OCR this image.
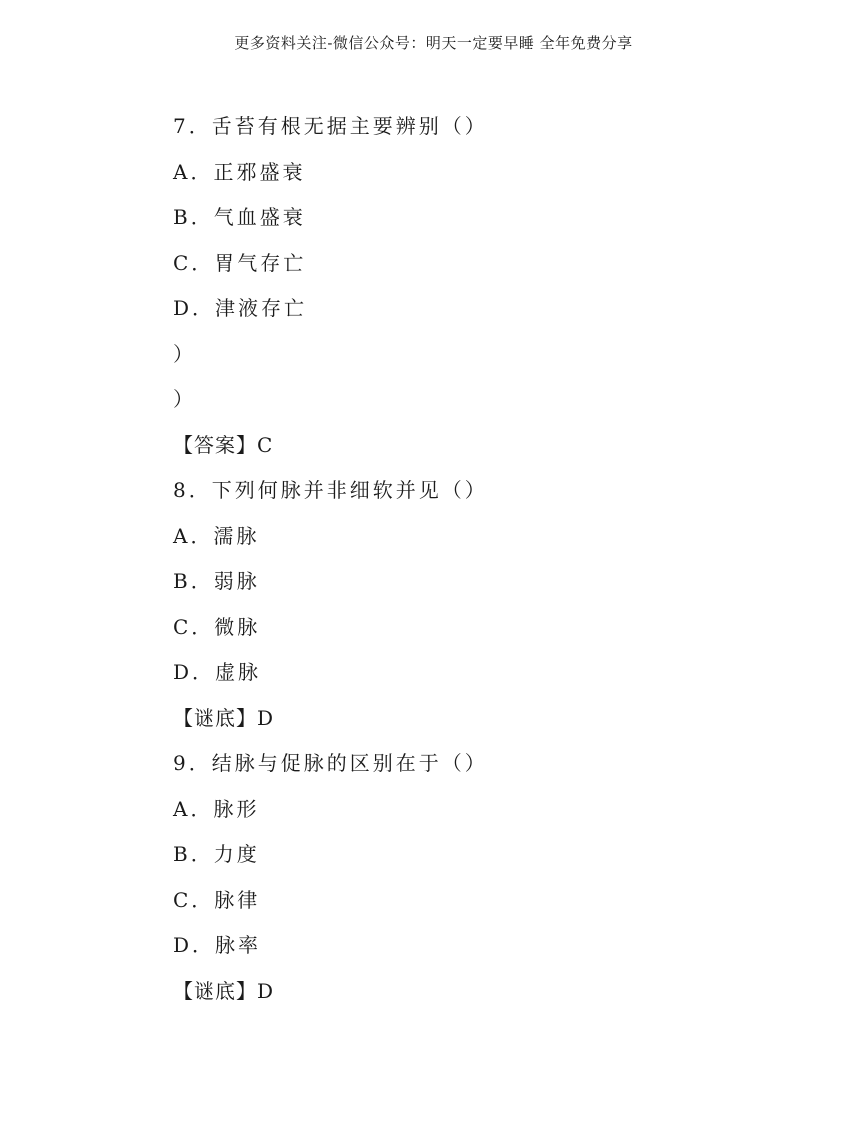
更多资料关注-微信公众号：明天一定要早睡 全年免费分享
7．舌苔有根无据主要辨别（）
A．正邪盛衰
B．气血盛衰
C．胃气存亡
D．津液存亡
）
）
【答案】C
8．下列何脉并非细软并见（）
A．濡脉
B．弱脉
C．微脉
D．虚脉
【谜底】D
9．结脉与促脉的区别在于（）
A．脉形
B．力度
C．脉律
D．脉率
【谜底】D
